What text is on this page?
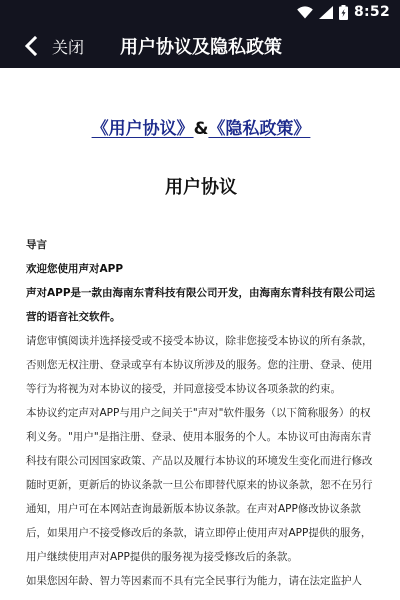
8:52
关闭 用户协议及隐私政策
《用户协议》&《隐私政策》
用户协议

导言

欢迎您使用声对APP

声对APP是一款由海南东青科技有限公司开发，由海南东青科技有限公司运营的语音社交软件。

请您审慎阅读并选择接受或不接受本协议，除非您接受本协议的所有条款，否则您无权注册、登录或享有本协议所涉及的服务。您的注册、登录、使用等行为将视为对本协议的接受，并同意接受本协议各项条款的约束。

本协议约定声对APP与用户之间关于"声对"软件服务（以下简称服务）的权利义务。"用户"是指注册、登录、使用本服务的个人。本协议可由海南东青科技有限公司因国家政策、产品以及履行本协议的环境发生变化而进行修改随时更新，更新后的协议条款一旦公布即替代原来的协议条款，恕不在另行通知，用户可在本网站查询最新版本协议条款。在声对APP修改协议条款后，如果用户不接受修改后的条款，请立即停止使用声对APP提供的服务，用户继续使用声对APP提供的服务视为接受修改后的条款。

如果您因年龄、智力等因素而不具有完全民事行为能力，请在法定监护人
